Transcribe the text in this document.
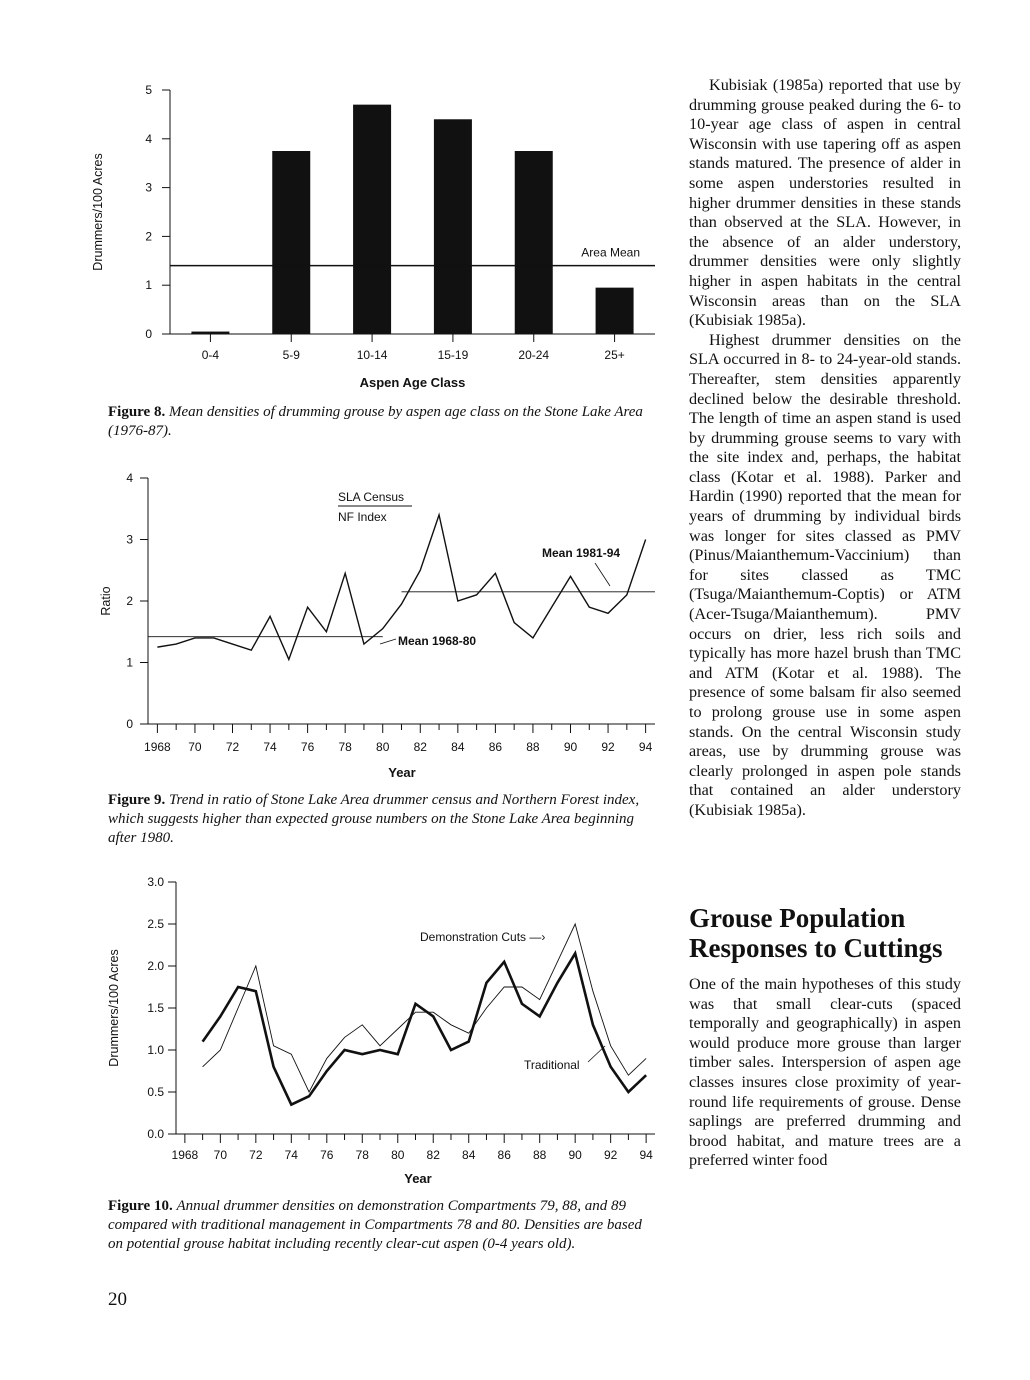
0
1
2
3
4
5
0-4	5-9	10-14	15-19	20-24	25+
Area Mean
Drummers/100 Acres
Aspen Age Class
Figure 8. Mean densities of drumming grouse by aspen age class on the Stone Lake Area (1976-87).
0
1
2
3
4
1968 70 72 74 76 78 80 82 84 86 88 90 92 94
Mean 1968-80
Mean 1981-94
SLA Census
NF Index
Ratio
Year
Figure 9. Trend in ratio of Stone Lake Area drummer census and Northern Forest index, which suggests higher than expected grouse numbers on the Stone Lake Area beginning after 1980.
0.0
0.5
1.0
1.5
2.0
2.5
3.0
1968 70 72 74 76 78 80 82 84 86 88 90 92 94
Demonstration Cuts —›
Traditional
Drummers/100 Acres
Year
Figure 10. Annual drummer densities on demonstration Compartments 79, 88, and 89 compared with traditional management in Compartments 78 and 80. Densities are based on potential grouse habitat including recently clear-cut aspen (0-4 years old).

Kubisiak (1985a) reported that use by drumming grouse peaked during the 6- to 10-year age class of aspen in central Wisconsin with use tapering off as aspen stands matured. The presence of alder in some aspen understories resulted in higher drummer densities in these stands than observed at the SLA. However, in the absence of an alder understory, drummer densities were only slightly higher in aspen habitats in the central Wisconsin areas than on the SLA (Kubisiak 1985a).

Highest drummer densities on the SLA occurred in 8- to 24-year-old stands. Thereafter, stem densities apparently declined below the desirable threshold. The length of time an aspen stand is used by drumming grouse seems to vary with the site index and, perhaps, the habitat class (Kotar et al. 1988). Parker and Hardin (1990) reported that the mean for years of drumming by individual birds was longer for sites classed as PMV (Pinus/Maianthemum-Vaccinium) than for sites classed as TMC (Tsuga/Maianthemum-Coptis) or ATM (Acer-Tsuga/Maianthemum). PMV occurs on drier, less rich soils and typically has more hazel brush than TMC and ATM (Kotar et al. 1988). The presence of some balsam fir also seemed to prolong grouse use in some aspen stands. On the central Wisconsin study areas, use by drumming grouse was clearly prolonged in aspen pole stands that contained an alder understory (Kubisiak 1985a).

Grouse Population Responses to Cuttings

One of the main hypotheses of this study was that small clear-cuts (spaced temporally and geographically) in aspen would produce more grouse than larger timber sales. Interspersion of aspen age classes insures close proximity of year-round life requirements of grouse. Dense saplings are preferred drumming and brood habitat, and mature trees are a preferred winter food

20
